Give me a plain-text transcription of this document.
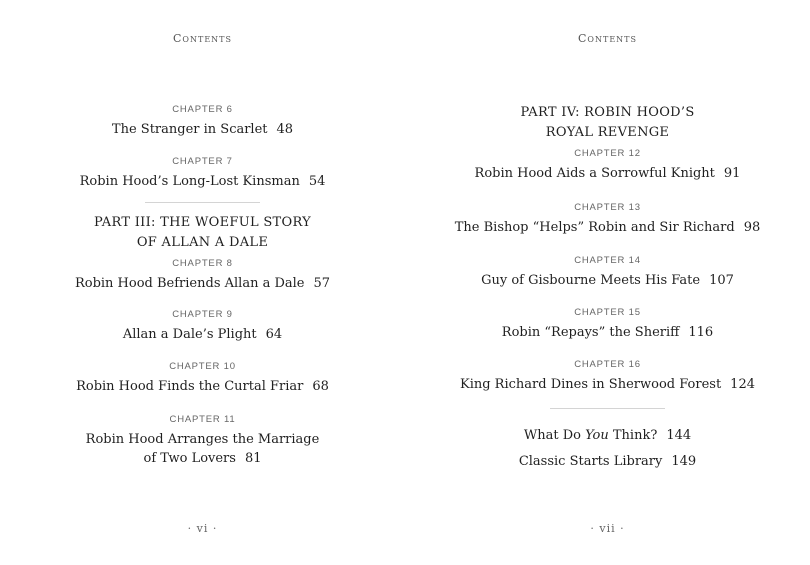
Contents
CHAPTER 6
The Stranger in Scarlet 48
CHAPTER 7
Robin Hood’s Long-Lost Kinsman 54
PART III: THE WOEFUL STORY
OF ALLAN A DALE
CHAPTER 8
Robin Hood Befriends Allan a Dale 57
CHAPTER 9
Allan a Dale’s Plight 64
CHAPTER 10
Robin Hood Finds the Curtal Friar 68
CHAPTER 11
Robin Hood Arranges the Marriage
of Two Lovers 81
· vi ·
Contents
PART IV: ROBIN HOOD’S
ROYAL REVENGE
CHAPTER 12
Robin Hood Aids a Sorrowful Knight 91
CHAPTER 13
The Bishop “Helps” Robin and Sir Richard 98
CHAPTER 14
Guy of Gisbourne Meets His Fate 107
CHAPTER 15
Robin “Repays” the Sheriff 116
CHAPTER 16
King Richard Dines in Sherwood Forest 124
What Do You Think? 144
Classic Starts Library 149
· vii ·
